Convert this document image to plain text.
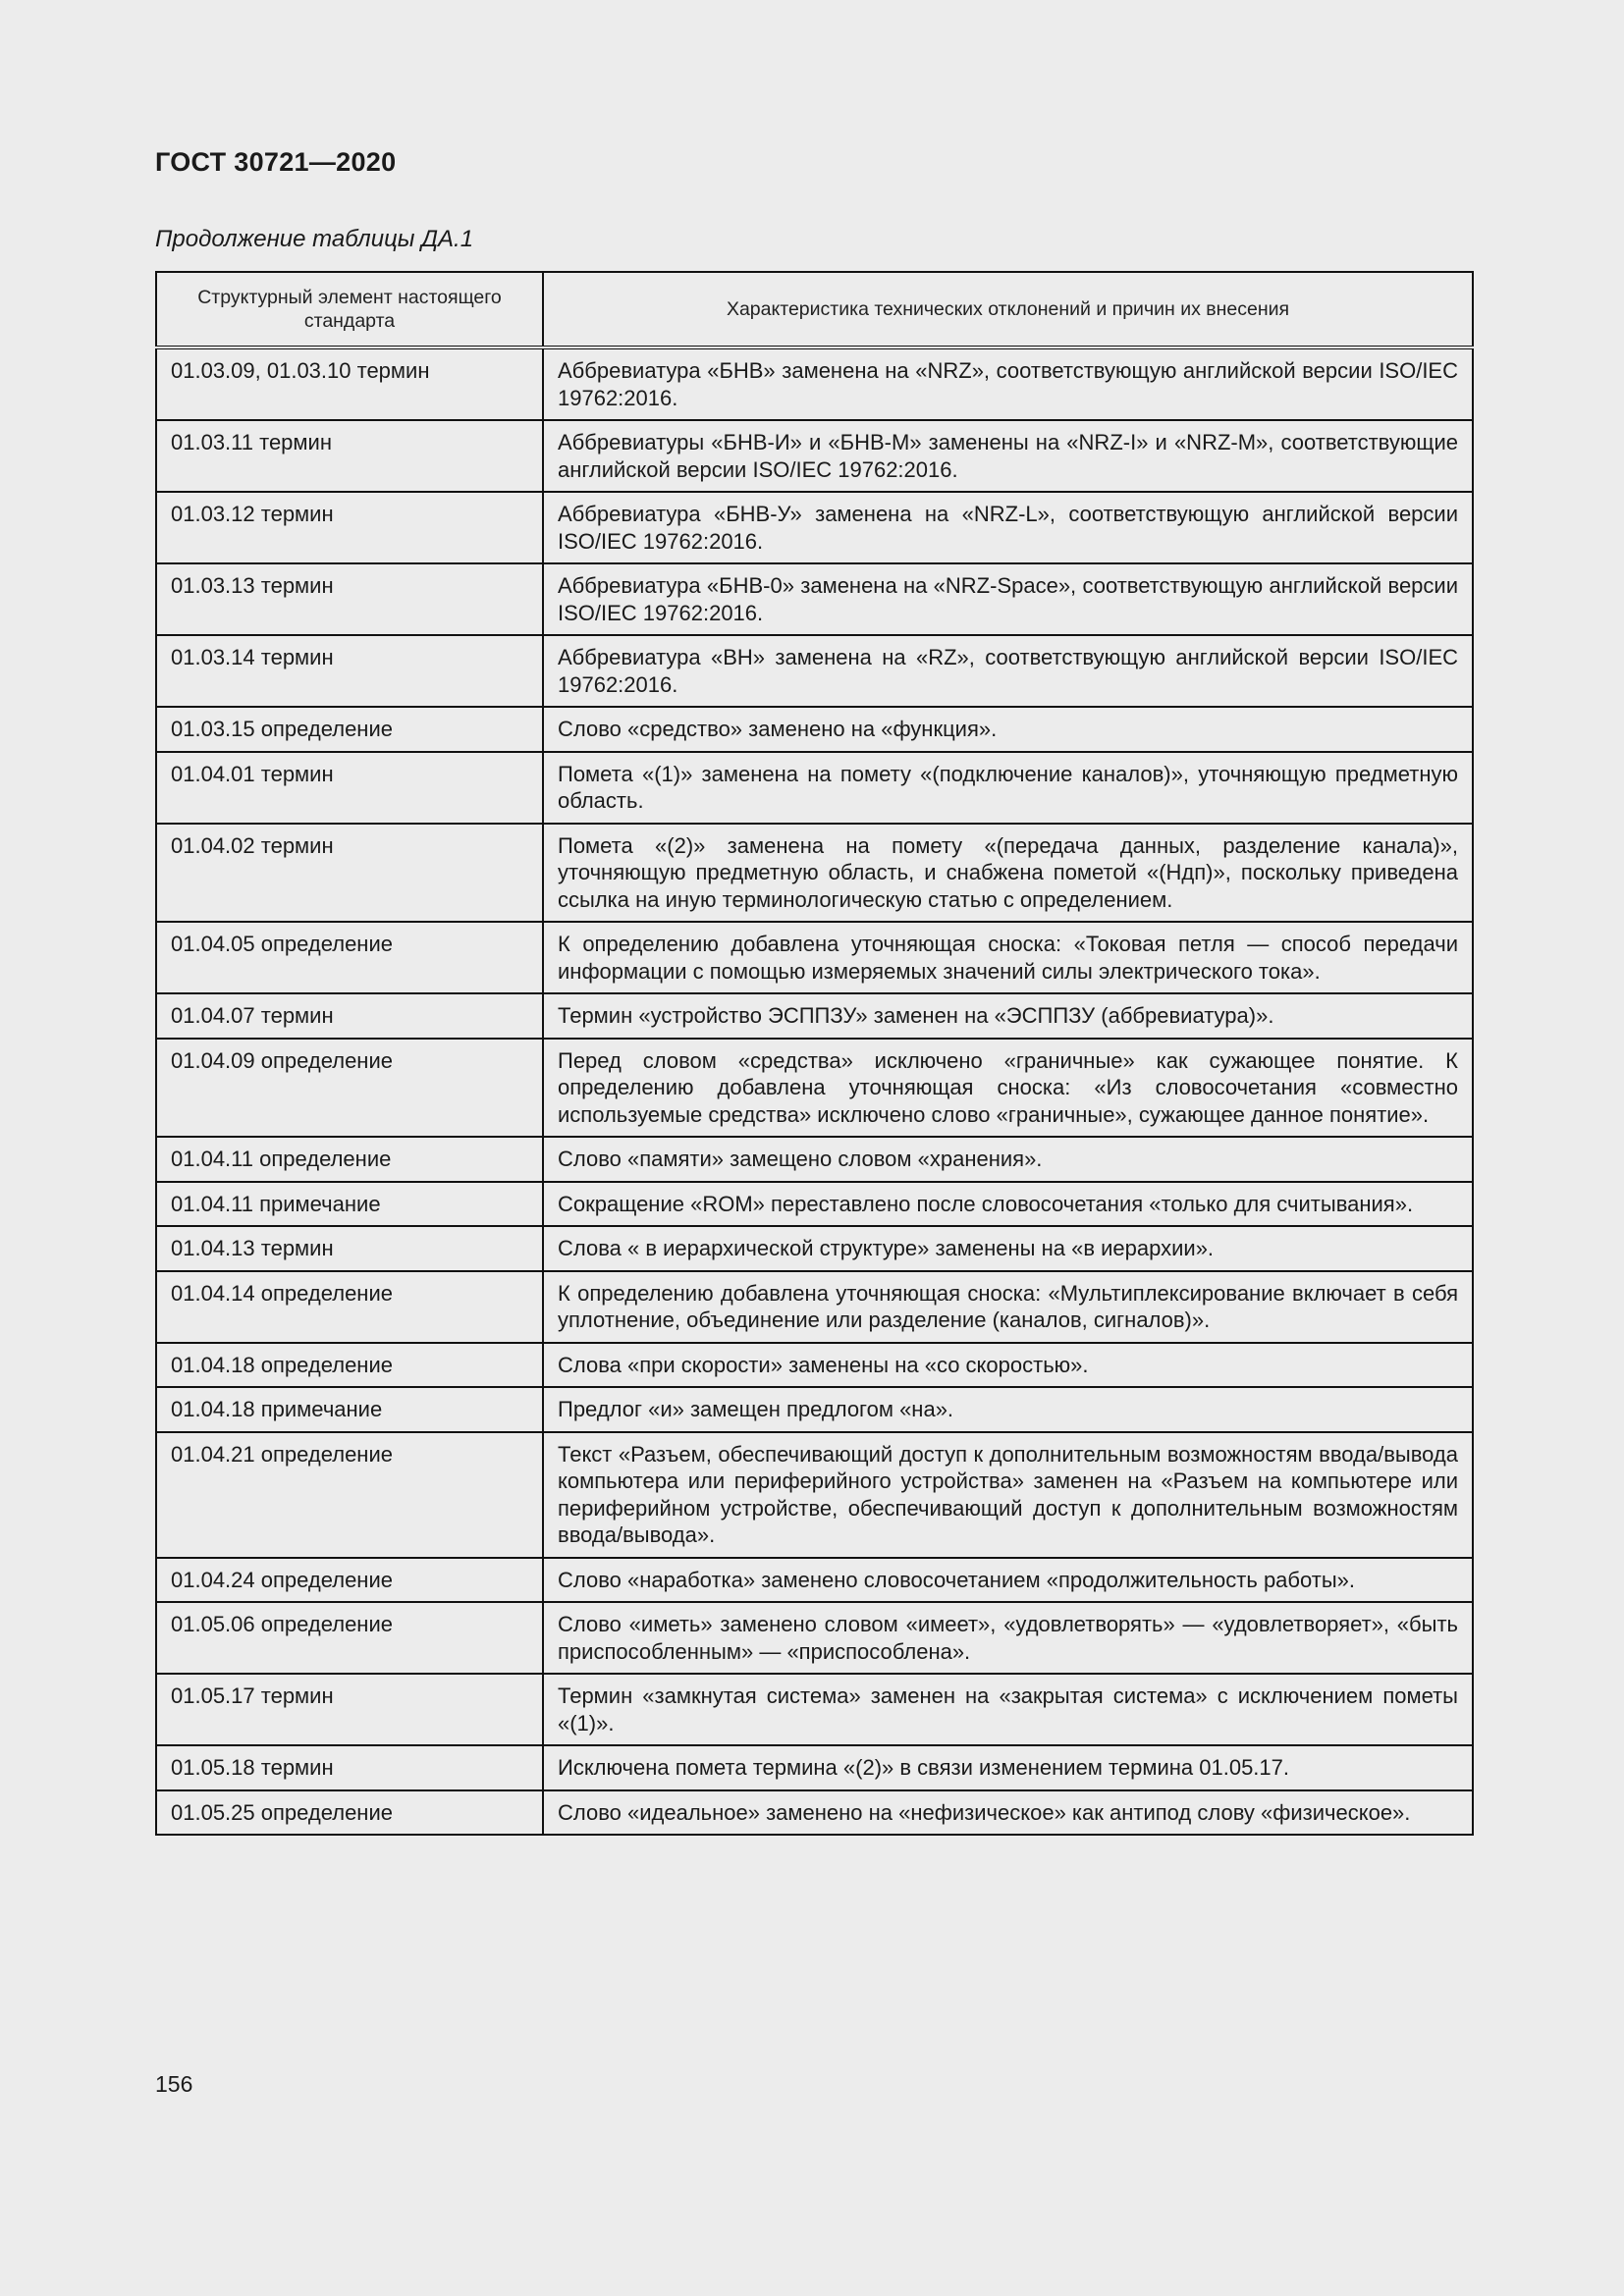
ГОСТ 30721—2020
Продолжение таблицы ДА.1
Структурный элемент настоящего стандарта	Характеристика технических отклонений и причин их внесения
01.03.09, 01.03.10 термин	Аббревиатура «БНВ» заменена на «NRZ», соответствующую английской версии ISO/IEC 19762:2016.
01.03.11 термин	Аббревиатуры «БНВ-И» и «БНВ-М» заменены на «NRZ-I» и «NRZ-M», соответствующие английской версии ISO/IEC 19762:2016.
01.03.12 термин	Аббревиатура «БНВ-У» заменена на «NRZ-L», соответствующую английской версии ISO/IEC 19762:2016.
01.03.13 термин	Аббревиатура «БНВ-0» заменена на «NRZ-Space», соответствующую английской версии ISO/IEC 19762:2016.
01.03.14 термин	Аббревиатура «ВН» заменена на «RZ», соответствующую английской версии ISO/IEC 19762:2016.
01.03.15 определение	Слово «средство» заменено на «функция».
01.04.01 термин	Помета «(1)» заменена на помету «(подключение каналов)», уточняющую предметную область.
01.04.02 термин	Помета «(2)» заменена на помету «(передача данных, разделение канала)», уточняющую предметную область, и снабжена пометой «(Ндп)», поскольку приведена ссылка на иную терминологическую статью с определением.
01.04.05 определение	К определению добавлена уточняющая сноска: «Токовая петля — способ передачи информации с помощью измеряемых значений силы электрического тока».
01.04.07 термин	Термин «устройство ЭСППЗУ» заменен на «ЭСППЗУ (аббревиатура)».
01.04.09 определение	Перед словом «средства» исключено «граничные» как сужающее понятие. К определению добавлена уточняющая сноска: «Из словосочетания «совместно используемые средства» исключено слово «граничные», сужающее данное понятие».
01.04.11 определение	Слово «памяти» замещено словом «хранения».
01.04.11 примечание	Сокращение «ROM» переставлено после словосочетания «только для считывания».
01.04.13 термин	Слова « в иерархической структуре» заменены на «в иерархии».
01.04.14 определение	К определению добавлена уточняющая сноска: «Мультиплексирование включает в себя уплотнение, объединение или разделение (каналов, сигналов)».
01.04.18 определение	Слова «при скорости» заменены на «со скоростью».
01.04.18 примечание	Предлог «и» замещен предлогом «на».
01.04.21 определение	Текст «Разъем, обеспечивающий доступ к дополнительным возможностям ввода/вывода компьютера или периферийного устройства» заменен на «Разъем на компьютере или периферийном устройстве, обеспечивающий доступ к дополнительным возможностям ввода/вывода».
01.04.24 определение	Слово «наработка» заменено словосочетанием «продолжительность работы».
01.05.06 определение	Слово «иметь» заменено словом «имеет», «удовлетворять» — «удовлетворяет», «быть приспособленным» — «приспособлена».
01.05.17 термин	Термин «замкнутая система» заменен на «закрытая система» с исключением пометы «(1)».
01.05.18 термин	Исключена помета термина «(2)» в связи изменением термина 01.05.17.
01.05.25 определение	Слово «идеальное» заменено на «нефизическое» как антипод слову «физическое».
156
